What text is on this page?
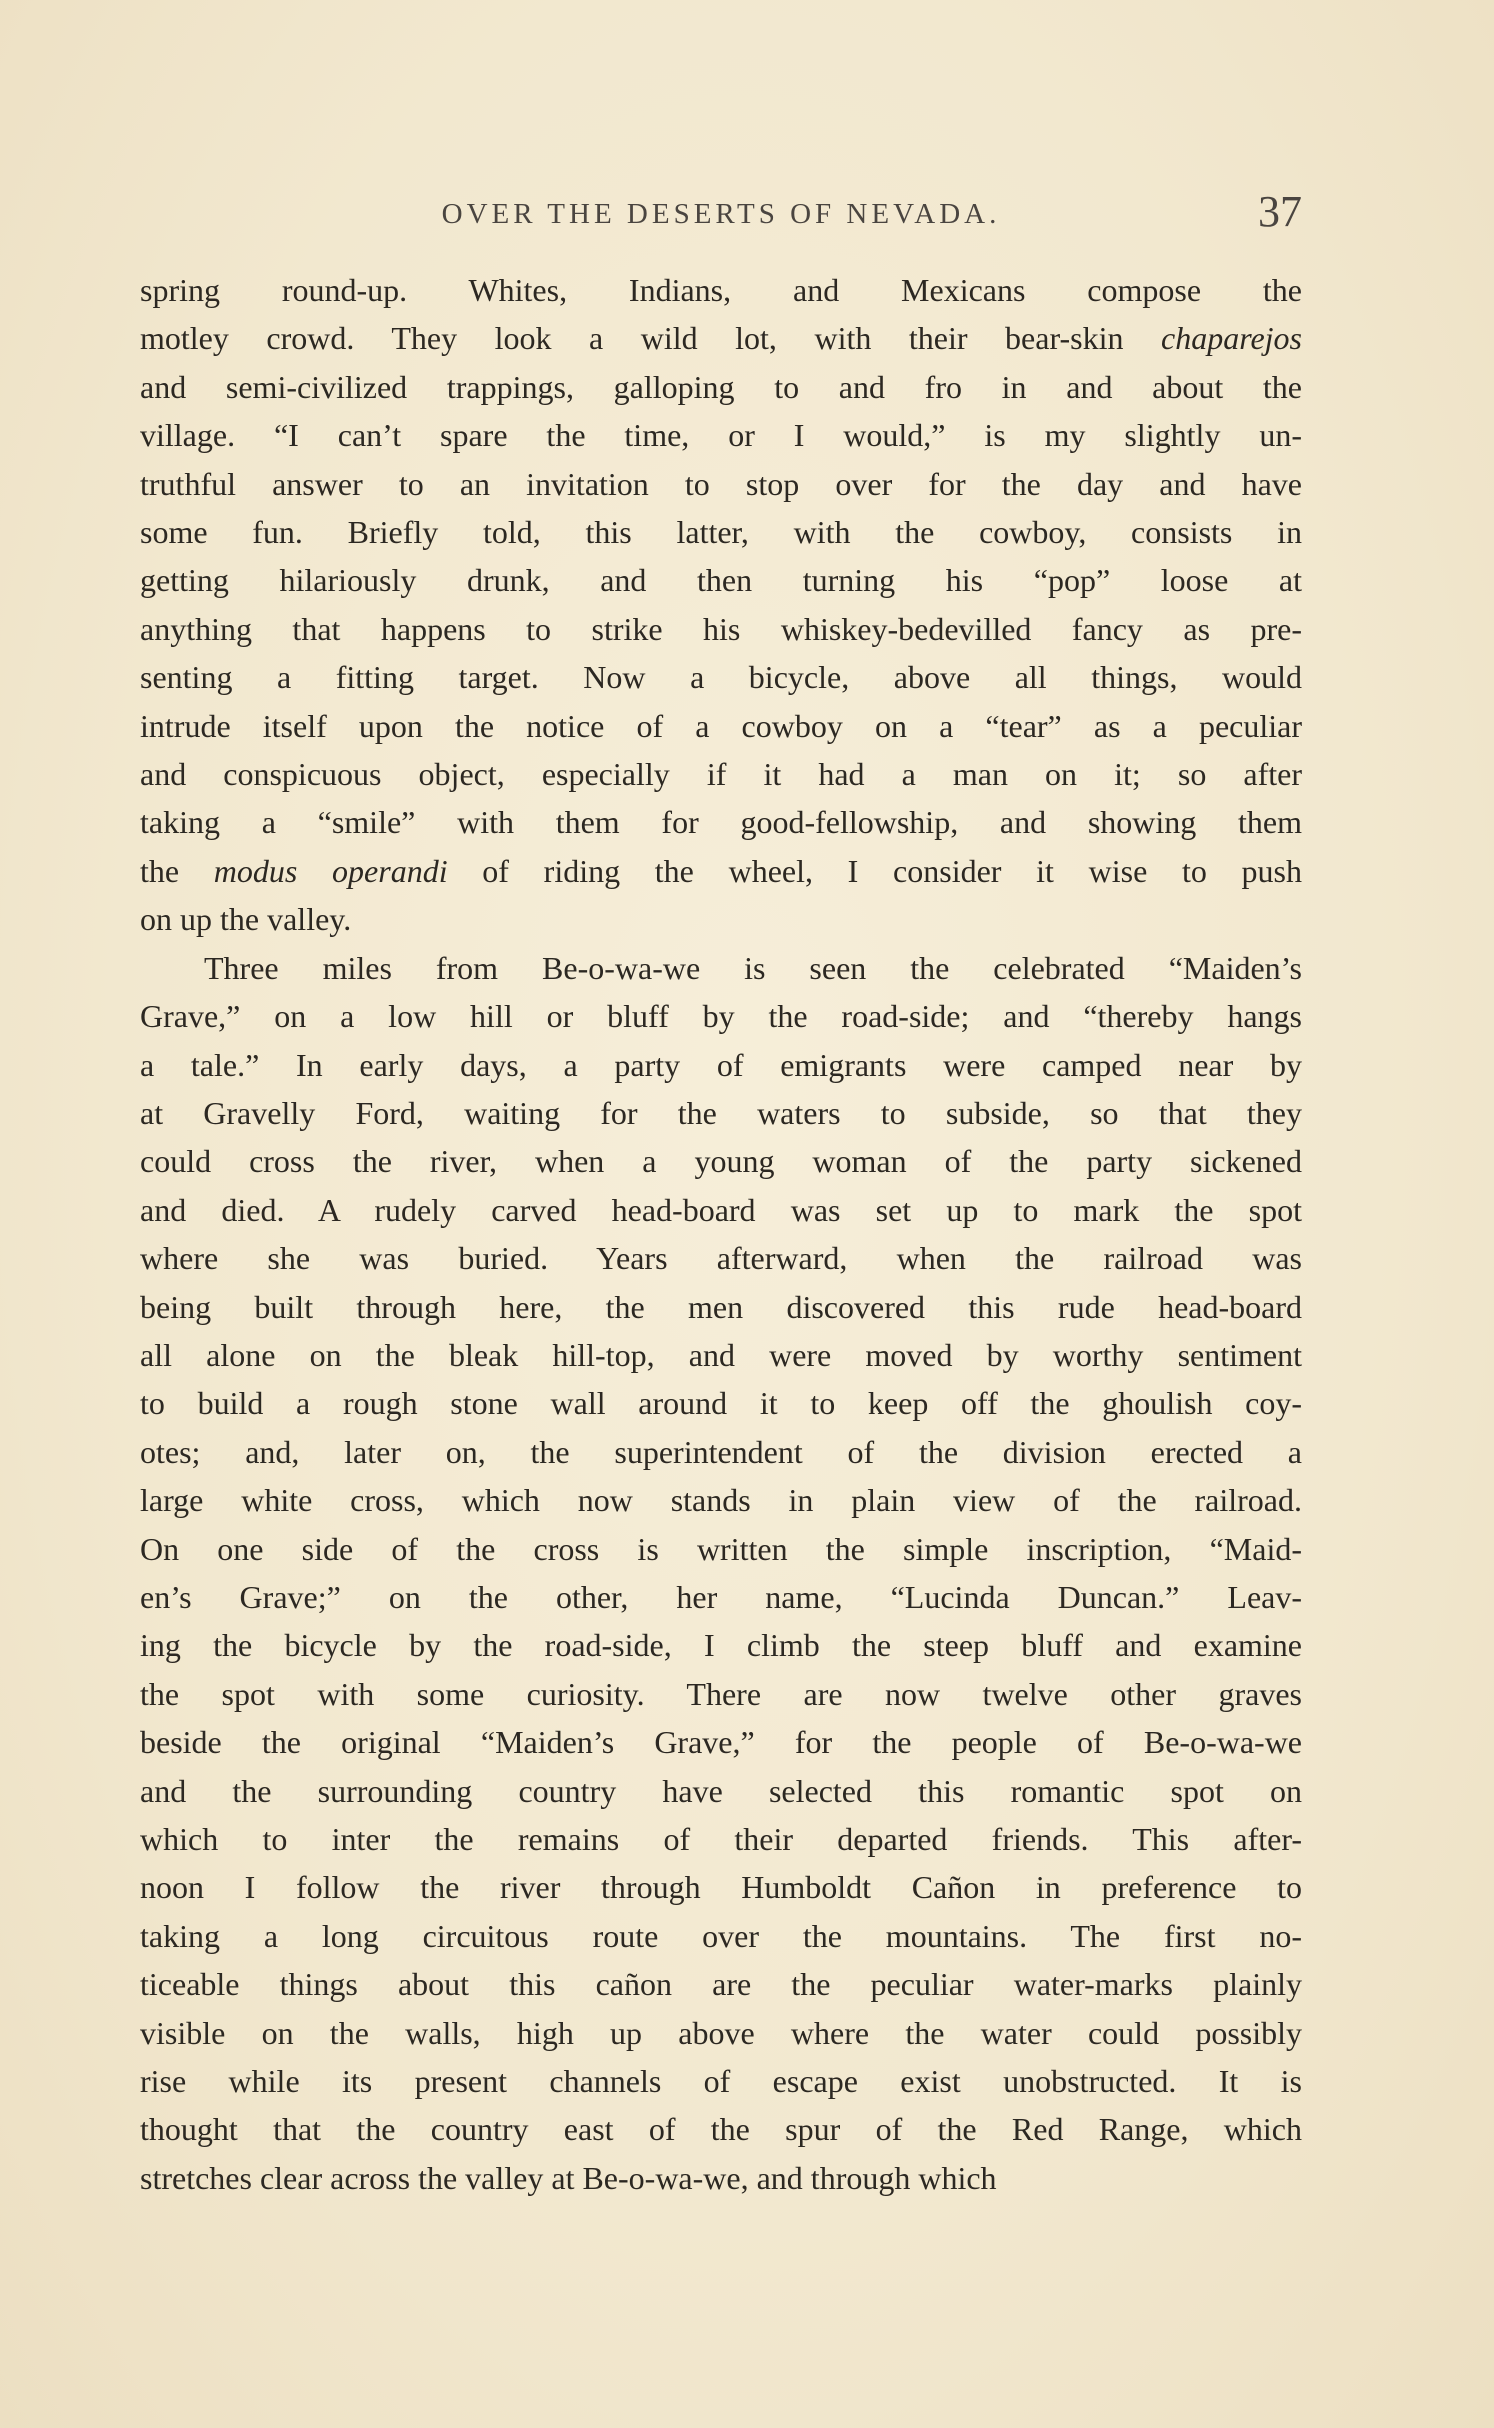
OVER THE DESERTS OF NEVADA.	37
spring round-up. Whites, Indians, and Mexicans compose the
motley crowd. They look a wild lot, with their bear-skin chaparejos
and semi-civilized trappings, galloping to and fro in and about the
village. “I can’t spare the time, or I would,” is my slightly un-
truthful answer to an invitation to stop over for the day and have
some fun. Briefly told, this latter, with the cowboy, consists in
getting hilariously drunk, and then turning his “pop” loose at
anything that happens to strike his whiskey-bedevilled fancy as pre-
senting a fitting target. Now a bicycle, above all things, would
intrude itself upon the notice of a cowboy on a “tear” as a peculiar
and conspicuous object, especially if it had a man on it; so after
taking a “smile” with them for good-fellowship, and showing them
the modus operandi of riding the wheel, I consider it wise to push
on up the valley.
Three miles from Be-o-wa-we is seen the celebrated “Maiden’s
Grave,” on a low hill or bluff by the road-side; and “thereby hangs
a tale.” In early days, a party of emigrants were camped near by
at Gravelly Ford, waiting for the waters to subside, so that they
could cross the river, when a young woman of the party sickened
and died. A rudely carved head-board was set up to mark the spot
where she was buried. Years afterward, when the railroad was
being built through here, the men discovered this rude head-board
all alone on the bleak hill-top, and were moved by worthy sentiment
to build a rough stone wall around it to keep off the ghoulish coy-
otes; and, later on, the superintendent of the division erected a
large white cross, which now stands in plain view of the railroad.
On one side of the cross is written the simple inscription, “Maid-
en’s Grave;” on the other, her name, “Lucinda Duncan.” Leav-
ing the bicycle by the road-side, I climb the steep bluff and examine
the spot with some curiosity. There are now twelve other graves
beside the original “Maiden’s Grave,” for the people of Be-o-wa-we
and the surrounding country have selected this romantic spot on
which to inter the remains of their departed friends. This after-
noon I follow the river through Humboldt Cañon in preference to
taking a long circuitous route over the mountains. The first no-
ticeable things about this cañon are the peculiar water-marks plainly
visible on the walls, high up above where the water could possibly
rise while its present channels of escape exist unobstructed. It is
thought that the country east of the spur of the Red Range, which
stretches clear across the valley at Be-o-wa-we, and through which
